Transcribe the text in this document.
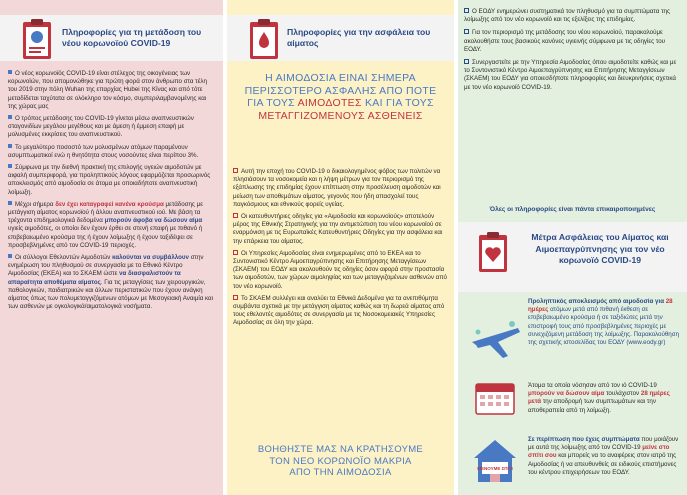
Πληροφορίες για τη μετάδοση του νέου κορωνοϊού COVID-19

Ο νέος κορωνοϊός COVID-19 είναι στέλεχος της οικογένειας των κορωνοϊών, που απομονώθηκε για πρώτη φορά στον άνθρωπο στα τέλη του 2019 στην πόλη Wuhan της επαρχίας Hubei της Κίνας και από τότε μεταδίδεται ταχύτατα σε ολόκληρο τον κόσμο, συμπεριλαμβανομένης και της χώρας μας

Ο τρόπος μετάδοσης του COVID-19 γίνεται μέσω αναπνευστικών σταγονιδίων μεγάλου μεγέθους και με άμεση ή έμμεση επαφή με μολυσμένες εκκρίσεις του αναπνευστικού.

Το μεγαλύτερο ποσοστό των μολυσμένων ατόμων παραμένουν ασυμπτωματικοί ενώ η θνητότητα στους νοσούντες είναι περίπου 3%.

Σύμφωνα με την διεθνή πρακτική της επιλογής υγειών αιμοδοτών με αιφαλή συμπεριφορά, για προληπτικούς λόγους εφαρμόζεται προσωρινός αποκλεισμός από αιμοδοσία σε άτομα με οποιαδήποτε αναπνευστική λοίμωξη.

Μέχρι σήμερα δεν έχει καταγραφεί κανένα κρούσμα μετάδοσης με μετάγγιση αίματος κορωνοϊού ή άλλου αναπνευστικού ιού. Με βάση τα τρέχοντα επιδημιολογικά δεδομένα μπορούν άφοβα να δώσουν αίμα υγιείς αιμοδότες, οι οποίοι δεν έχουν έρθει σε στενή επαφή με πιθανό ή επιβεβαιωμένο κρούσμα της ή έχουν λοίμωξης ή έχουν ταξιδέψει σε προσβεβλημένες από τον COVID-19 περιοχές.

Οι σύλλογοι Εθελοντών Αιμοδοτών καλούνται να συμβάλλουν στην ενημέρωση του πληθυσμού σε συνεργασία με το Εθνικό Κέντρο Αιμοδοσίας (ΕΚΕΑ) και το ΣΚΑΕΜ ώστε να διασφαλιστούν τα απαραίτητα αποθέματα αίματος. Για τις μεταγγίσεις των χειρουργικών, παθολογικών, παιδιατρικών και άλλων περιστατικών που έχουν ανάγκη αίματος όπως των πολυμεταγγιζόμενων ατόμων με Μεσογειακή Αναιμία και των ασθενών με ογκολογικά/αιματολογικά νοσήματα.

Πληροφορίες για την ασφάλεια του αίματος
Η ΑΙΜΟΔΟΣΙΑ ΕΙΝΑΙ ΣΗΜΕΡΑ
ΠΕΡΙΣΣΟΤΕΡΟ ΑΣΦΑΛΗΣ ΑΠΟ ΠΟΤΕ
ΓΙΑ ΤΟΥΣ ΑΙΜΟΔΟΤΕΣ ΚΑΙ ΓΙΑ ΤΟΥΣ
ΜΕΤΑΓΓΙΖΟΜΕΝΟΥΣ ΑΣΘΕΝΕΙΣ

Αυτή την εποχή του COVID-19 ο δικαιολογημένος φόβος των πολιτών να πλησιάσουν τα νοσοκομεία και η λήψη μέτρων για τον περιορισμό της εξάπλωσης της επιδημίας έχουν επίπτωση στην προσέλευση αιμοδοτών και μείωση των αποθεμάτων αίματος, γεγονός που ήδη απασχολεί τους παγκόσμιους και εθνικούς φορείς υγείας.

Οι κατευθυντήριες οδηγίες για «Αιμοδοσία και κορωνοϊούς» αποτελούν μέρος της Εθνικής Στρατηγικής για την αντιμετώπιση του νέου κορωνοϊού σε εναρμόνιση με τις Ευρωπαϊκές Κατευθυντήριες Οδηγίες για την ασφάλεια και την επάρκεια του αίματος.

Οι Υπηρεσίες Αιμοδοσίας είναι ενημερωμένες από το ΕΚΕΑ και το Συντονιστικό Κέντρο Αιμοεπαγρύπνησης και Επιτήρησης Μεταγγίσεων (ΣΚΑΕΜ) του ΕΟΔΥ και ακολουθούν τις οδηγίες όσον αφορά στην προστασία των αιμοδοτών, των χώρων αιμοληψίας και των μεταγγιζομένων ασθενών από τον νέο κορωνοϊό.

Το ΣΚΑΕΜ συλλέγει και αναλύει τα Εθνικά Δεδομένα για τα ανεπιθύμητα συμβάντα σχετικά με την μετάγγιση αίματος καθώς και τη δωρεά αίματος από τους εθελοντές αιμοδότες σε συνεργασία με τις Νοσοκομειακές Υπηρεσίες Αιμοδοσίας σε όλη την χώρα.

ΒΟΗΘΗΣΤΕ ΜΑΣ ΝΑ ΚΡΑΤΗΣΟΥΜΕ
ΤΟΝ ΝΕΟ ΚΟΡΩΝΟΪΟ ΜΑΚΡΙΑ
ΑΠΟ ΤΗΝ ΑΙΜΟΔΟΣΙΑ

Ο ΕΟΔΥ ενημερώνει συστηματικά τον πληθυσμό για τα συμπτώματα της λοίμωξης από τον νέο κορωνοϊό και τις εξελίξεις της επιδημίας.

Για τον περιορισμό της μετάδοσης του νέου κορωνοϊού, παρακαλούμε ακολουθήστε τους βασικούς κανόνες υγιεινής σύμφωνα με τις οδηγίες του ΕΟΔΥ.

Συνεργαστείτε με την Υπηρεσία Αιμοδοσίας όπου αιμοδοτείτε καθώς και με το Συντονιστικό Κέντρο Αιμοεπαγρύπνησης και Επιτήρησης Μεταγγίσεων (ΣΚΑΕΜ) του ΕΟΔΥ για οποιεσδήποτε πληροφορίες και διευκρινήσεις σχετικά με τον νέο κορωνοϊό COVID-19.

Όλες οι πληροφορίες είναι πάντα επικαιροποιημένες
Μέτρα Ασφάλειας του Αίματος και Αιμοεπαγρύπνησης για τον νέο κορωνοϊό COVID-19
Προληπτικός αποκλεισμός από αιμοδοσία για 28 ημέρες ατόμων μετά από πιθανή έκθεση σε επιβεβαιωμένο κρούσμα ή σε ταξιδιώτες μετά την επιστροφή τους από προσβεβλημένες περιοχές με συνεχιζόμενη μετάδοση της λοίμωξης. Παρακολούθηση της σχετικής ιστοσελίδας του ΕΟΔΥ (www.eody.gr)
Άτομα τα οποία νόσησαν από τον ιό COVID-19 μπορούν να δώσουν αίμα τουλάχιστον 28 ημέρες μετά την αποδρομή των συμπτωμάτων και την αποθεραπεία από τη λοίμωξη.
ΜΕΝΟΥΜΕ ΣΠΙΤΙ
Σε περίπτωση που έχεις συμπτώματα που μοιάζουν με αυτά της λοίμωξης από τον COVID-19 μείνε στο σπίτι σου και μπορείς να το αναφέρεις στον ιατρό της Αιμοδοσίας ή να απευθυνθείς σε ειδικούς επιστήμονες του κέντρου επιχειρήσεων του ΕΟΔΥ.
